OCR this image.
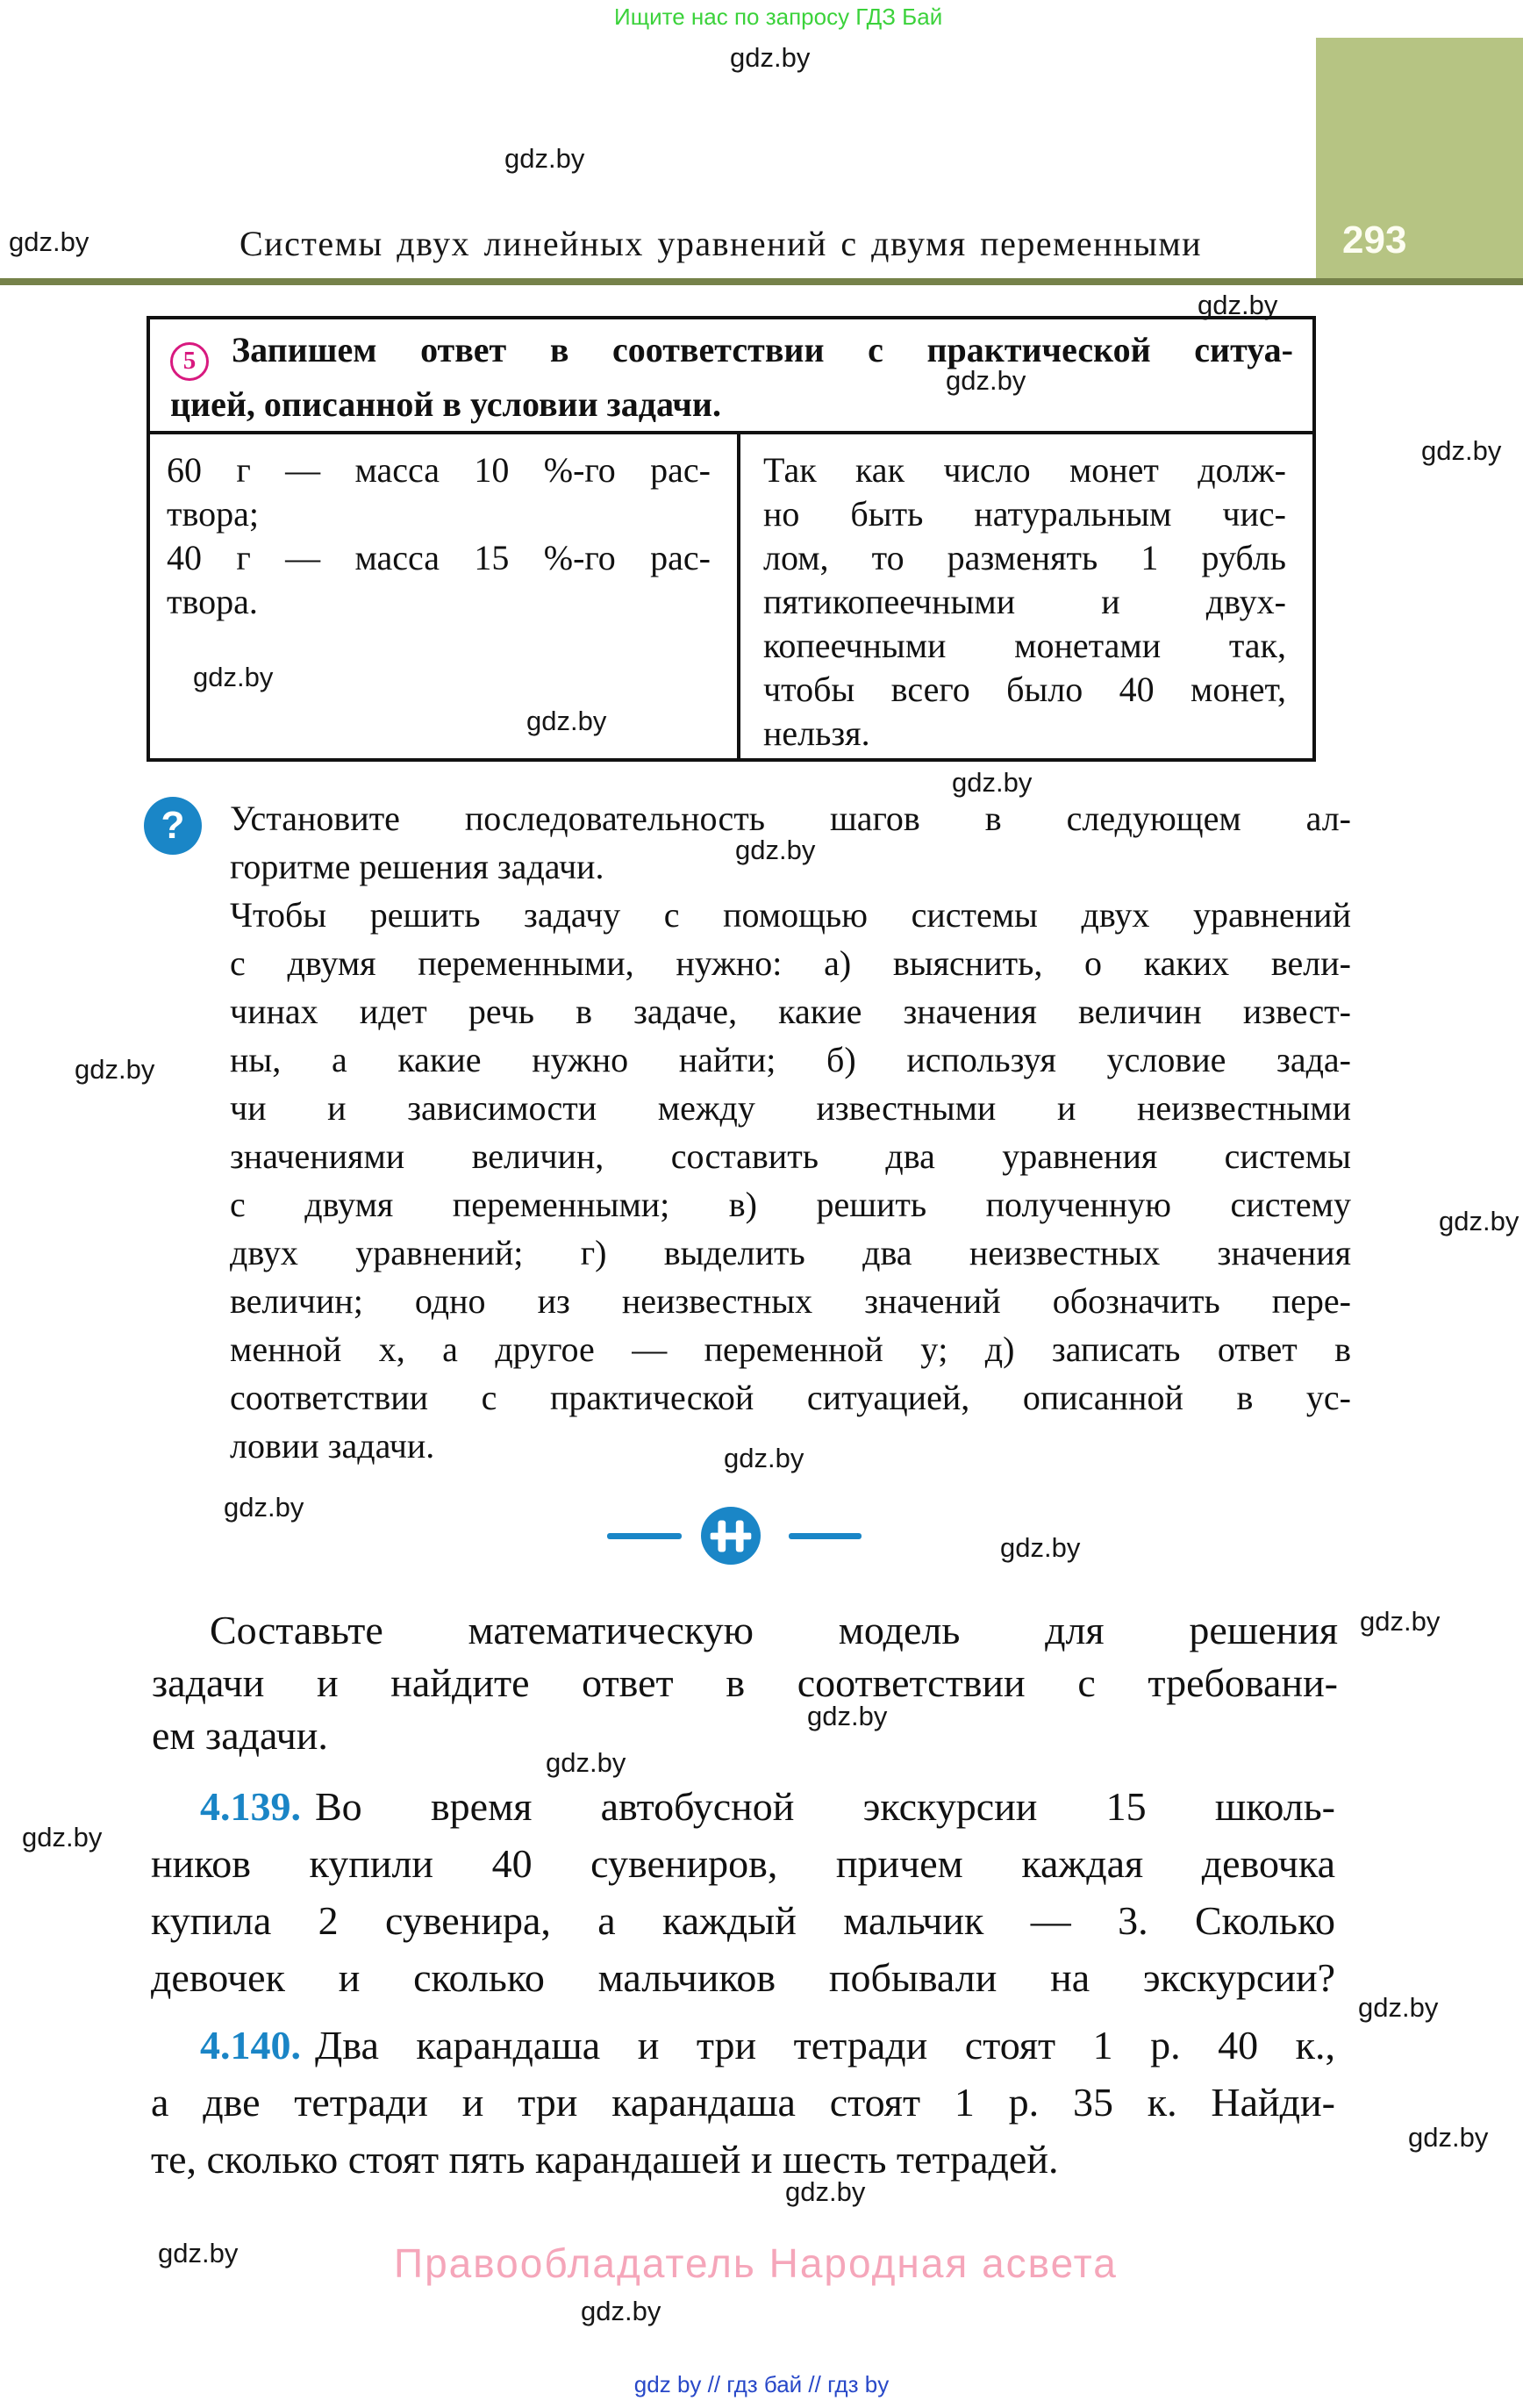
Ищите нас по запросу ГДЗ Бай
gdz.by
gdz.by
gdz.by
gdz.by
gdz.by
gdz.by
gdz.by
gdz.by
gdz.by
gdz.by
gdz.by
gdz.by
gdz.by
gdz.by
gdz.by
gdz.by
gdz.by
gdz.by
gdz.by
gdz.by
gdz.by
gdz.by
gdz.by
gdz.by
Системы двух линейных уравнений с двумя переменными	293
5 Запишем ответ в соответствии с практической ситуа-
цией, описанной в условии задачи.
60 г — масса 10 %-го рас-
твора;
40 г — масса 15 %-го рас-
твора.
Так как число монет долж-
но быть натуральным чис-
лом, то разменять 1 рубль
пятикопеечными и двух-
копеечными монетами так,
чтобы всего было 40 монет,
нельзя.
?	Установите последовательность шагов в следующем ал-
горитме решения задачи.
Чтобы решить задачу с помощью системы двух уравнений
с двумя переменными, нужно: а) выяснить, о каких вели-
чинах идет речь в задаче, какие значения величин извест-
ны, а какие нужно найти; б) используя условие зада-
чи и зависимости между известными и неизвестными
значениями величин, составить два уравнения системы
с двумя переменными; в) решить полученную систему
двух уравнений; г) выделить два неизвестных значения
величин; одно из неизвестных значений обозначить пере-
менной x, а другое — переменной y; д) записать ответ в
соответствии с практической ситуацией, описанной в ус-
ловии задачи.
Составьте математическую модель для решения
задачи и найдите ответ в соответствии с требовани-
ем задачи.
4.139. Во время автобусной экскурсии 15 школь-
ников купили 40 сувениров, причем каждая девочка
купила 2 сувенира, а каждый мальчик — 3. Сколько
девочек и сколько мальчиков побывали на экскурсии?
4.140. Два карандаша и три тетради стоят 1 р. 40 к.,
а две тетради и три карандаша стоят 1 р. 35 к. Найди-
те, сколько стоят пять карандашей и шесть тетрадей.
Правообладатель Народная асвета
gdz by // гдз бай // гдз by
